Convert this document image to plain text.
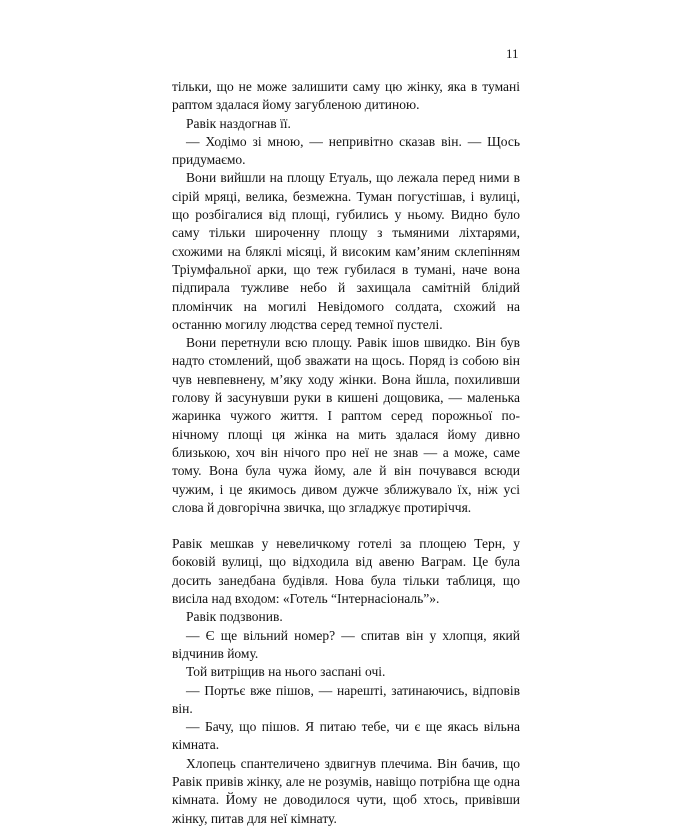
11

тільки, що не може залишити саму цю жінку, яка в тумані раптом здалася йому загубленою дитиною.

Равік наздогнав її.

— Ходімо зі мною, — непривітно сказав він. — Щось придумаємо.

Вони вийшли на площу Етуаль, що лежала перед ними в сірій мряці, велика, безмежна. Туман погустішав, і вулиці, що розбігалися від площі, губились у ньому. Видно було саму тільки широченну площу з тьмяними ліхтарями, схожими на бляклі місяці, й високим кам’яним склепінням Тріумфальної арки, що теж губилася в тумані, наче вона підпирала тужливе небо й захищала самітній блідий пломінчик на могилі Невідомого солдата, схожий на останню могилу людства серед темної пустелі.

Вони перетнули всю площу. Равік ішов швидко. Він був надто стомлений, щоб зважати на щось. Поряд із собою він чув невпевнену, м’яку ходу жінки. Вона йшла, похиливши голову й засунувши руки в кишені дощовика, — маленька жаринка чужого життя. І раптом серед порожньої по-нічному площі ця жінка на мить здалася йому дивно близькою, хоч він нічого про неї не знав — а може, саме тому. Вона була чужа йому, але й він почувався всюди чужим, і це якимось дивом дужче зближувало їх, ніж усі слова й довгорічна звичка, що згладжує протиріччя.

Равік мешкав у невеличкому готелі за площею Терн, у боковій вулиці, що відходила від авеню Ваграм. Це була досить занедбана будівля. Нова була тільки таблиця, що висіла над входом: «Готель “Інтернасіональ”».

Равік подзвонив.

— Є ще вільний номер? — спитав він у хлопця, який відчинив йому.

Той витріщив на нього заспані очі.

— Портьє вже пішов, — нарешті, затинаючись, відповів він.

— Бачу, що пішов. Я питаю тебе, чи є ще якась вільна кімната.

Хлопець спантеличено здвигнув плечима. Він бачив, що Равік привів жінку, але не розумів, навіщо потрібна ще одна кімната. Йому не доводилося чути, щоб хтось, привівши жінку, питав для неї кімнату.
